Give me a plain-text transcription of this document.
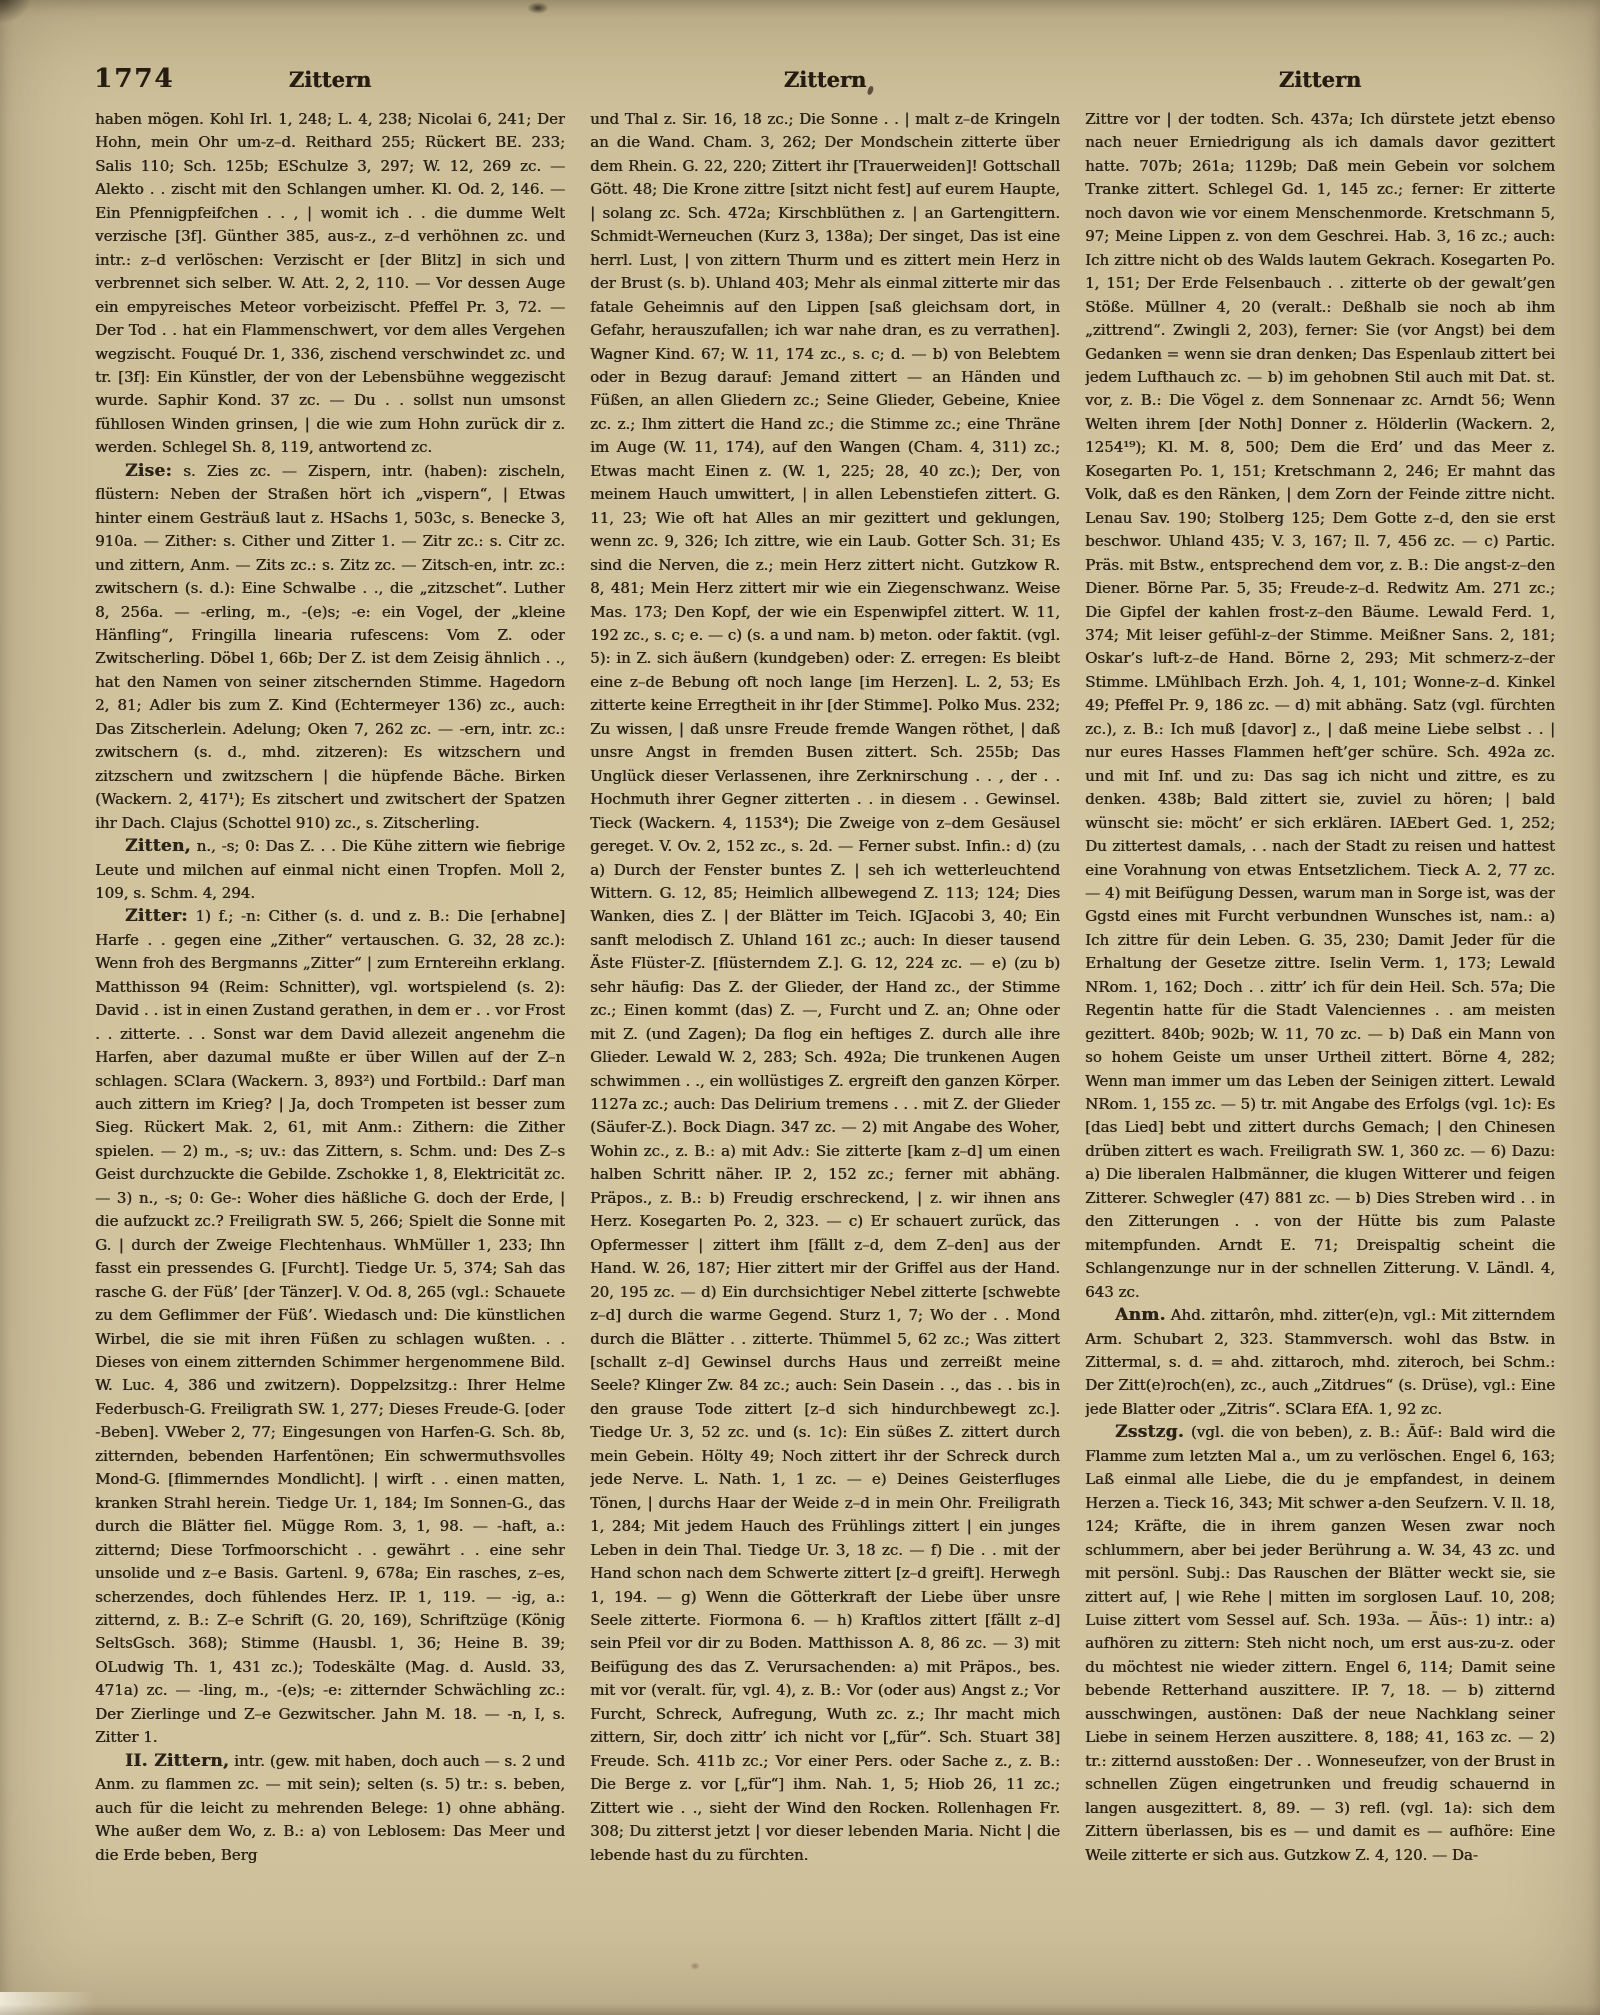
1774	Zittern	Zittern	Zittern

haben mögen. Kohl Irl. 1, 248; L. 4, 238; Nicolai 6, 241; Der Hohn, mein Ohr um-z–d. Reithard 255; Rückert BE. 233; Salis 110; Sch. 125b; ESchulze 3, 297; W. 12, 269 zc. — Alekto . . zischt mit den Schlangen umher. Kl. Od. 2, 146. — Ein Pfennigpfeifchen . . , | womit ich . . die dumme Welt verzische [3f]. Günther 385, aus-z., z–d verhöhnen zc. und intr.: z–d verlöschen: Verzischt er [der Blitz] in sich und verbrennet sich selber. W. Att. 2, 2, 110. — Vor dessen Auge ein empyreisches Meteor vorbeizischt. Pfeffel Pr. 3, 72. — Der Tod . . hat ein Flammenschwert, vor dem alles Vergehen wegzischt. Fouqué Dr. 1, 336, zischend verschwindet zc. und tr. [3f]: Ein Künstler, der von der Lebensbühne weggezischt wurde. Saphir Kond. 37 zc. — Du . . sollst nun umsonst fühllosen Winden grinsen, | die wie zum Hohn zurück dir z. werden. Schlegel Sh. 8, 119, antwortend zc.

Zise: s. Zies zc. — Zispern, intr. (haben): zischeln, flüstern: Neben der Straßen hört ich „vispern“, | Etwas hinter einem Gesträuß laut z. HSachs 1, 503c, s. Benecke 3, 910a. — Zither: s. Cither und Zitter 1. — Zitr zc.: s. Citr zc. und zittern, Anm. — Zits zc.: s. Zitz zc. — Zitsch-en, intr. zc.: zwitschern (s. d.): Eine Schwalbe . ., die „zitzschet“. Luther 8, 256a. — -erling, m., -(e)s; -e: ein Vogel, der „kleine Hänfling“, Fringilla linearia rufescens: Vom Z. oder Zwitscherling. Döbel 1, 66b; Der Z. ist dem Zeisig ähnlich . ., hat den Namen von seiner zitschernden Stimme. Hagedorn 2, 81; Adler bis zum Z. Kind (Echtermeyer 136) zc., auch: Das Zitscherlein. Adelung; Oken 7, 262 zc. — -ern, intr. zc.: zwitschern (s. d., mhd. zitzeren): Es witzschern und zitzschern und zwitzschern | die hüpfende Bäche. Birken (Wackern. 2, 417¹); Es zitschert und zwitschert der Spatzen ihr Dach. Clajus (Schottel 910) zc., s. Zitscherling.

Zitten, n., -s; 0: Das Z. . . Die Kühe zittern wie fiebrige Leute und milchen auf einmal nicht einen Tropfen. Moll 2, 109, s. Schm. 4, 294.

Zitter: 1) f.; -n: Cither (s. d. und z. B.: Die [erhabne] Harfe . . gegen eine „Zither“ vertauschen. G. 32, 28 zc.): Wenn froh des Bergmanns „Zitter“ | zum Erntereihn erklang. Matthisson 94 (Reim: Schnitter), vgl. wortspielend (s. 2): David . . ist in einen Zustand gerathen, in dem er . . vor Frost . . zitterte. . . Sonst war dem David allezeit angenehm die Harfen, aber dazumal mußte er über Willen auf der Z–n schlagen. SClara (Wackern. 3, 893²) und Fortbild.: Darf man auch zittern im Krieg? | Ja, doch Trompeten ist besser zum Sieg. Rückert Mak. 2, 61, mit Anm.: Zithern: die Zither spielen. — 2) m., -s; uv.: das Zittern, s. Schm. und: Des Z–s Geist durchzuckte die Gebilde. Zschokke 1, 8, Elektricität zc. — 3) n., -s; 0: Ge-: Woher dies häßliche G. doch der Erde, | die aufzuckt zc.? Freiligrath SW. 5, 266; Spielt die Sonne mit G. | durch der Zweige Flechtenhaus. WhMüller 1, 233; Ihn fasst ein pressendes G. [Furcht]. Tiedge Ur. 5, 374; Sah das rasche G. der Füß’ [der Tänzer]. V. Od. 8, 265 (vgl.: Schauete zu dem Geflimmer der Füß’. Wiedasch und: Die künstlichen Wirbel, die sie mit ihren Füßen zu schlagen wußten. . . Dieses von einem zitternden Schimmer hergenommene Bild. W. Luc. 4, 386 und zwitzern). Doppelzsitzg.: Ihrer Helme Federbusch-G. Freiligrath SW. 1, 277; Dieses Freude-G. [oder -Beben]. VWeber 2, 77; Eingesungen von Harfen-G. Sch. 8b, zitternden, bebenden Harfentönen; Ein schwermuthsvolles Mond-G. [flimmerndes Mondlicht]. | wirft . . einen matten, kranken Strahl herein. Tiedge Ur. 1, 184; Im Sonnen-G., das durch die Blätter fiel. Mügge Rom. 3, 1, 98. — -haft, a.: zitternd; Diese Torfmoorschicht . . gewährt . . eine sehr unsolide und z–e Basis. Gartenl. 9, 678a; Ein rasches, z–es, scherzendes, doch fühlendes Herz. IP. 1, 119. — -ig, a.: zitternd, z. B.: Z–e Schrift (G. 20, 169), Schriftzüge (König SeltsGsch. 368); Stimme (Hausbl. 1, 36; Heine B. 39; OLudwig Th. 1, 431 zc.); Todeskälte (Mag. d. Ausld. 33, 471a) zc. — -ling, m., -(e)s; -e: zitternder Schwächling zc.: Der Zierlinge und Z–e Gezwitscher. Jahn M. 18. — -n, I, s. Zitter 1.

II. Zittern, intr. (gew. mit haben, doch auch — s. 2 und Anm. zu flammen zc. — mit sein); selten (s. 5) tr.: s. beben, auch für die leicht zu mehrenden Belege: 1) ohne abhäng. Whe außer dem Wo, z. B.: a) von Leblosem: Das Meer und die Erde beben, Berg

und Thal z. Sir. 16, 18 zc.; Die Sonne . . | malt z–de Kringeln an die Wand. Cham. 3, 262; Der Mondschein zitterte über dem Rhein. G. 22, 220; Zittert ihr [Trauerweiden]! Gottschall Gött. 48; Die Krone zittre [sitzt nicht fest] auf eurem Haupte, | solang zc. Sch. 472a; Kirschblüthen z. | an Gartengittern. Schmidt-Werneuchen (Kurz 3, 138a); Der singet, Das ist eine herrl. Lust, | von zittern Thurm und es zittert mein Herz in der Brust (s. b). Uhland 403; Mehr als einmal zitterte mir das fatale Geheimnis auf den Lippen [saß gleichsam dort, in Gefahr, herauszufallen; ich war nahe dran, es zu verrathen]. Wagner Kind. 67; W. 11, 174 zc., s. c; d. — b) von Belebtem oder in Bezug darauf: Jemand zittert — an Händen und Füßen, an allen Gliedern zc.; Seine Glieder, Gebeine, Kniee zc. z.; Ihm zittert die Hand zc.; die Stimme zc.; eine Thräne im Auge (W. 11, 174), auf den Wangen (Cham. 4, 311) zc.; Etwas macht Einen z. (W. 1, 225; 28, 40 zc.); Der, von meinem Hauch umwittert, | in allen Lebenstiefen zittert. G. 11, 23; Wie oft hat Alles an mir gezittert und geklungen, wenn zc. 9, 326; Ich zittre, wie ein Laub. Gotter Sch. 31; Es sind die Nerven, die z.; mein Herz zittert nicht. Gutzkow R. 8, 481; Mein Herz zittert mir wie ein Ziegenschwanz. Weise Mas. 173; Den Kopf, der wie ein Espenwipfel zittert. W. 11, 192 zc., s. c; e. — c) (s. a und nam. b) meton. oder faktit. (vgl. 5): in Z. sich äußern (kundgeben) oder: Z. erregen: Es bleibt eine z–de Bebung oft noch lange [im Herzen]. L. 2, 53; Es zitterte keine Erregtheit in ihr [der Stimme]. Polko Mus. 232; Zu wissen, | daß unsre Freude fremde Wangen röthet, | daß unsre Angst in fremden Busen zittert. Sch. 255b; Das Unglück dieser Verlassenen, ihre Zerknirschung . . , der . . Hochmuth ihrer Gegner zitterten . . in diesem . . Gewinsel. Tieck (Wackern. 4, 1153⁴); Die Zweige von z–dem Gesäusel gereget. V. Ov. 2, 152 zc., s. 2d. — Ferner subst. Infin.: d) (zu a) Durch der Fenster buntes Z. | seh ich wetterleuchtend Wittern. G. 12, 85; Heimlich allbewegend Z. 113; 124; Dies Wanken, dies Z. | der Blätter im Teich. IGJacobi 3, 40; Ein sanft melodisch Z. Uhland 161 zc.; auch: In dieser tausend Äste Flüster-Z. [flüsterndem Z.]. G. 12, 224 zc. — e) (zu b) sehr häufig: Das Z. der Glieder, der Hand zc., der Stimme zc.; Einen kommt (das) Z. —, Furcht und Z. an; Ohne oder mit Z. (und Zagen); Da flog ein heftiges Z. durch alle ihre Glieder. Lewald W. 2, 283; Sch. 492a; Die trunkenen Augen schwimmen . ., ein wollüstiges Z. ergreift den ganzen Körper. 1127a zc.; auch: Das Delirium tremens . . . mit Z. der Glieder (Säufer-Z.). Bock Diagn. 347 zc. — 2) mit Angabe des Woher, Wohin zc., z. B.: a) mit Adv.: Sie zitterte [kam z–d] um einen halben Schritt näher. IP. 2, 152 zc.; ferner mit abhäng. Präpos., z. B.: b) Freudig erschreckend, | z. wir ihnen ans Herz. Kosegarten Po. 2, 323. — c) Er schauert zurück, das Opfermesser | zittert ihm [fällt z–d, dem Z–den] aus der Hand. W. 26, 187; Hier zittert mir der Griffel aus der Hand. 20, 195 zc. — d) Ein durchsichtiger Nebel zitterte [schwebte z–d] durch die warme Gegend. Sturz 1, 7; Wo der . . Mond durch die Blätter . . zitterte. Thümmel 5, 62 zc.; Was zittert [schallt z–d] Gewinsel durchs Haus und zerreißt meine Seele? Klinger Zw. 84 zc.; auch: Sein Dasein . ., das . . bis in den grause Tode zittert [z–d sich hindurchbewegt zc.]. Tiedge Ur. 3, 52 zc. und (s. 1c): Ein süßes Z. zittert durch mein Gebein. Hölty 49; Noch zittert ihr der Schreck durch jede Nerve. L. Nath. 1, 1 zc. — e) Deines Geisterfluges Tönen, | durchs Haar der Weide z–d in mein Ohr. Freiligrath 1, 284; Mit jedem Hauch des Frühlings zittert | ein junges Leben in dein Thal. Tiedge Ur. 3, 18 zc. — f) Die . . mit der Hand schon nach dem Schwerte zittert [z–d greift]. Herwegh 1, 194. — g) Wenn die Götterkraft der Liebe über unsre Seele zitterte. Fiormona 6. — h) Kraftlos zittert [fällt z–d] sein Pfeil vor dir zu Boden. Matthisson A. 8, 86 zc. — 3) mit Beifügung des das Z. Verursachenden: a) mit Präpos., bes. mit vor (veralt. für, vgl. 4), z. B.: Vor (oder aus) Angst z.; Vor Furcht, Schreck, Aufregung, Wuth zc. z.; Ihr macht mich zittern, Sir, doch zittr’ ich nicht vor [„für“. Sch. Stuart 38] Freude. Sch. 411b zc.; Vor einer Pers. oder Sache z., z. B.: Die Berge z. vor [„für“] ihm. Nah. 1, 5; Hiob 26, 11 zc.; Zittert wie . ., sieht der Wind den Rocken. Rollenhagen Fr. 308; Du zitterst jetzt | vor dieser lebenden Maria. Nicht | die lebende hast du zu fürchten.

Zittre vor | der todten. Sch. 437a; Ich dürstete jetzt ebenso nach neuer Erniedrigung als ich damals davor gezittert hatte. 707b; 261a; 1129b; Daß mein Gebein vor solchem Tranke zittert. Schlegel Gd. 1, 145 zc.; ferner: Er zitterte noch davon wie vor einem Menschenmorde. Kretschmann 5, 97; Meine Lippen z. von dem Geschrei. Hab. 3, 16 zc.; auch: Ich zittre nicht ob des Walds lautem Gekrach. Kosegarten Po. 1, 151; Der Erde Felsenbauch . . zitterte ob der gewalt’gen Stöße. Müllner 4, 20 (veralt.: Deßhalb sie noch ab ihm „zittrend“. Zwingli 2, 203), ferner: Sie (vor Angst) bei dem Gedanken = wenn sie dran denken; Das Espenlaub zittert bei jedem Lufthauch zc. — b) im gehobnen Stil auch mit Dat. st. vor, z. B.: Die Vögel z. dem Sonnenaar zc. Arndt 56; Wenn Welten ihrem [der Noth] Donner z. Hölderlin (Wackern. 2, 1254¹⁹); Kl. M. 8, 500; Dem die Erd’ und das Meer z. Kosegarten Po. 1, 151; Kretschmann 2, 246; Er mahnt das Volk, daß es den Ränken, | dem Zorn der Feinde zittre nicht. Lenau Sav. 190; Stolberg 125; Dem Gotte z–d, den sie erst beschwor. Uhland 435; V. 3, 167; Il. 7, 456 zc. — c) Partic. Präs. mit Bstw., entsprechend dem vor, z. B.: Die angst-z–den Diener. Börne Par. 5, 35; Freude-z–d. Redwitz Am. 271 zc.; Die Gipfel der kahlen frost-z–den Bäume. Lewald Ferd. 1, 374; Mit leiser gefühl-z–der Stimme. Meißner Sans. 2, 181; Oskar’s luft-z–de Hand. Börne 2, 293; Mit schmerz-z–der Stimme. LMühlbach Erzh. Joh. 4, 1, 101; Wonne-z–d. Kinkel 49; Pfeffel Pr. 9, 186 zc. — d) mit abhäng. Satz (vgl. fürchten zc.), z. B.: Ich muß [davor] z., | daß meine Liebe selbst . . | nur eures Hasses Flammen heft’ger schüre. Sch. 492a zc. und mit Inf. und zu: Das sag ich nicht und zittre, es zu denken. 438b; Bald zittert sie, zuviel zu hören; | bald wünscht sie: möcht’ er sich erklären. IAEbert Ged. 1, 252; Du zittertest damals, . . nach der Stadt zu reisen und hattest eine Vorahnung von etwas Entsetzlichem. Tieck A. 2, 77 zc. — 4) mit Beifügung Dessen, warum man in Sorge ist, was der Ggstd eines mit Furcht verbundnen Wunsches ist, nam.: a) Ich zittre für dein Leben. G. 35, 230; Damit Jeder für die Erhaltung der Gesetze zittre. Iselin Verm. 1, 173; Lewald NRom. 1, 162; Doch . . zittr’ ich für dein Heil. Sch. 57a; Die Regentin hatte für die Stadt Valenciennes . . am meisten gezittert. 840b; 902b; W. 11, 70 zc. — b) Daß ein Mann von so hohem Geiste um unser Urtheil zittert. Börne 4, 282; Wenn man immer um das Leben der Seinigen zittert. Lewald NRom. 1, 155 zc. — 5) tr. mit Angabe des Erfolgs (vgl. 1c): Es [das Lied] bebt und zittert durchs Gemach; | den Chinesen drüben zittert es wach. Freiligrath SW. 1, 360 zc. — 6) Dazu: a) Die liberalen Halbmänner, die klugen Witterer und feigen Zitterer. Schwegler (47) 881 zc. — b) Dies Streben wird . . in den Zitterungen . . von der Hütte bis zum Palaste mitempfunden. Arndt E. 71; Dreispaltig scheint die Schlangenzunge nur in der schnellen Zitterung. V. Ländl. 4, 643 zc.

Anm. Ahd. zittarôn, mhd. zitter(e)n, vgl.: Mit zitterndem Arm. Schubart 2, 323. Stammversch. wohl das Bstw. in Zittermal, s. d. = ahd. zittaroch, mhd. ziteroch, bei Schm.: Der Zitt(e)roch(en), zc., auch „Zitdrues“ (s. Drüse), vgl.: Eine jede Blatter oder „Zitris“. SClara EfA. 1, 92 zc.

Zsstzg. (vgl. die von beben), z. B.: Āūf-: Bald wird die Flamme zum letzten Mal a., um zu verlöschen. Engel 6, 163; Laß einmal alle Liebe, die du je empfandest, in deinem Herzen a. Tieck 16, 343; Mit schwer a-den Seufzern. V. Il. 18, 124; Kräfte, die in ihrem ganzen Wesen zwar noch schlummern, aber bei jeder Berührung a. W. 34, 43 zc. und mit persönl. Subj.: Das Rauschen der Blätter weckt sie, sie zittert auf, | wie Rehe | mitten im sorglosen Lauf. 10, 208; Luise zittert vom Sessel auf. Sch. 193a. — Āūs-: 1) intr.: a) aufhören zu zittern: Steh nicht noch, um erst aus-zu-z. oder du möchtest nie wieder zittern. Engel 6, 114; Damit seine bebende Retterhand auszittere. IP. 7, 18. — b) zitternd ausschwingen, austönen: Daß der neue Nachklang seiner Liebe in seinem Herzen auszittere. 8, 188; 41, 163 zc. — 2) tr.: zitternd ausstoßen: Der . . Wonneseufzer, von der Brust in schnellen Zügen eingetrunken und freudig schauernd in langen ausgezittert. 8, 89. — 3) refl. (vgl. 1a): sich dem Zittern überlassen, bis es — und damit es — aufhöre: Eine Weile zitterte er sich aus. Gutzkow Z. 4, 120. — Da-
